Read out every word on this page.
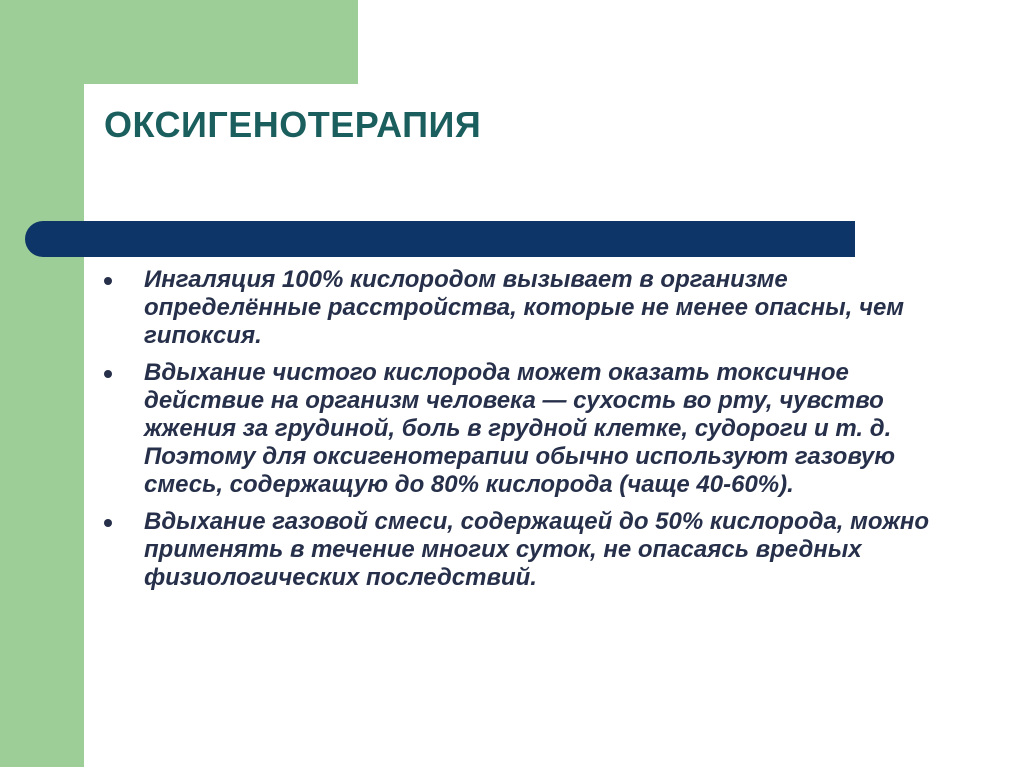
ОКСИГЕНОТЕРАПИЯ
Ингаляция 100% кислородом вызывает в организме определённые расстройства, которые не менее опасны, чем гипоксия.
Вдыхание чистого кислорода может оказать токсичное действие на организм человека — сухость во рту, чувство жжения за грудиной, боль в грудной клетке, судороги и т. д. Поэтому для оксигенотерапии обычно используют газовую смесь, содержащую до 80% кислорода (чаще 40-60%).
Вдыхание газовой смеси, содержащей до 50% кислорода, можно применять в течение многих суток, не опасаясь вредных физиологических последствий.
